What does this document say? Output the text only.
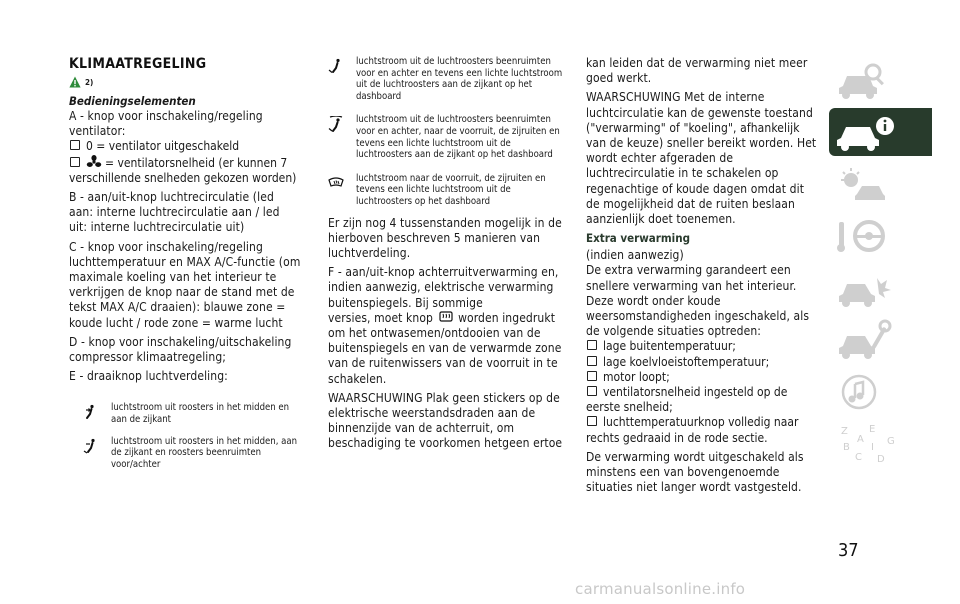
KLIMAATREGELING
2)
Bedieningselementen

A - knop voor inschakeling/regeling ventilator:

0 = ventilator uitgeschakeld

= ventilatorsnelheid (er kunnen 7 verschillende snelheden gekozen worden)

B - aan/uit-knop luchtrecirculatie (led aan: interne luchtrecirculatie aan / led uit: interne luchtrecirculatie uit)

C - knop voor inschakeling/regeling luchttemperatuur en MAX A/C-functie (om maximale koeling van het interieur te verkrijgen de knop naar de stand met de tekst MAX A/C draaien): blauwe zone = koude lucht / rode zone = warme lucht

D - knop voor inschakeling/uitschakeling compressor klimaatregeling;

E - draaiknop luchtverdeling:

luchtstroom uit roosters in het midden en aan de zijkant
luchtstroom uit roosters in het midden, aan de zijkant en roosters beenruimten voor/achter
luchtstroom uit de luchtroosters beenruimten voor en achter en tevens een lichte luchtstroom uit de luchtroosters aan de zijkant op het dashboard
luchtstroom uit de luchtroosters beenruimten voor en achter, naar de voorruit, de zijruiten en tevens een lichte luchtstroom uit de luchtroosters aan de zijkant op het dashboard
luchtstroom naar de voorruit, de zijruiten en tevens een lichte luchtstroom uit de luchtroosters op het dashboard

Er zijn nog 4 tussenstanden mogelijk in de hierboven beschreven 5 manieren van luchtverdeling.

F - aan/uit-knop achterruitverwarming en, indien aanwezig, elektrische verwarming buitenspiegels. Bij sommige

versies, moet knop worden ingedrukt om het ontwasemen/ontdooien van de buitenspiegels en van de verwarmde zone van de ruitenwissers van de voorruit in te schakelen.

WAARSCHUWING Plak geen stickers op de elektrische weerstandsdraden aan de binnenzijde van de achterruit, om beschadiging te voorkomen hetgeen ertoe

kan leiden dat de verwarming niet meer goed werkt.

WAARSCHUWING Met de interne luchtcirculatie kan de gewenste toestand ("verwarming" of "koeling", afhankelijk van de keuze) sneller bereikt worden. Het wordt echter afgeraden de luchtrecirculatie in te schakelen op regenachtige of koude dagen omdat dit de mogelijkheid dat de ruiten beslaan aanzienlijk doet toenemen.

Extra verwarming

(indien aanwezig)

De extra verwarming garandeert een snellere verwarming van het interieur. Deze wordt onder koude weersomstandigheden ingeschakeld, als de volgende situaties optreden:

lage buitentemperatuur;

lage koelvloeistoftemperatuur;

motor loopt;

ventilatorsnelheid ingesteld op de eerste snelheid;

luchttemperatuurknop volledig naar rechts gedraaid in de rode sectie.

De verwarming wordt uitgeschakeld als minstens een van bovengenoemde situaties niet langer wordt vastgesteld.

Z E
B
A
I
C D
G
37
carmanualsonline.info
